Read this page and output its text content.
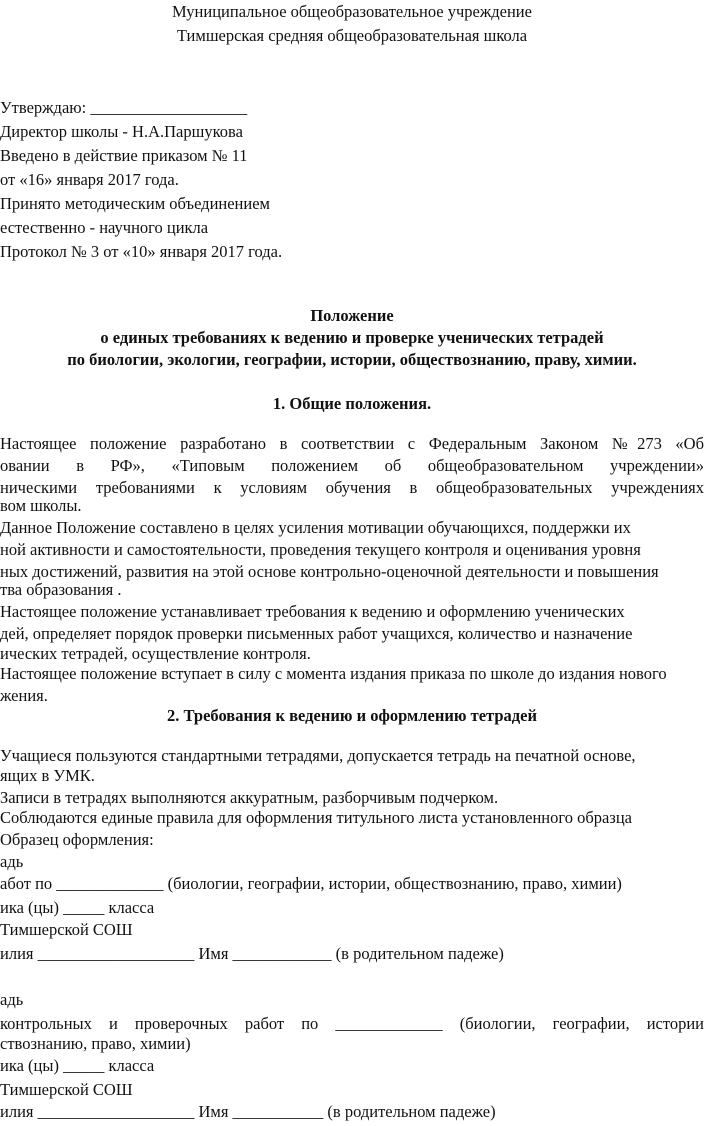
Муниципальное общеобразовательное учреждение
Тимшерская средняя общеобразовательная школа
Утверждаю: ___________________
Директор школы - Н.А.Паршукова
Введено в действие приказом № 11
от «16» января 2017 года.
Принято методическим объединением
естественно - научного цикла
Протокол № 3 от «10» января 2017 года.
Положение
о единых требованиях к ведению и проверке ученических тетрадей
по биологии, экологии, географии, истории, обществознанию, праву, химии.
1. Общие положения.
Настоящее положение разработано в соответствии с Федеральным Законом №273 «Об
овании в РФ», «Типовым положением об общеобразовательном учреждении»
ническими требованиями к условиям обучения в общеобразовательных учреждениях
вом школы.
Данное Положение составлено в целях усиления мотивации обучающихся, поддержки их
ной активности и самостоятельности, проведения текущего контроля и оценивания уровня
ных достижений, развития на этой основе контрольно-оценочной деятельности и повышения
тва образования .
Настоящее положение устанавливает требования к ведению и оформлению ученических
дей, определяет порядок проверки письменных работ учащихся, количество и назначение
ических тетрадей, осуществление контроля.
Настоящее положение вступает в силу с момента издания приказа по школе до издания нового
жения.
2. Требования к ведению и оформлению тетрадей
Учащиеся пользуются стандартными тетрадями, допускается тетрадь на печатной основе,
ящих в УМК.
Записи в тетрадях выполняются аккуратным, разборчивым подчерком.
Соблюдаются единые правила для оформления титульного листа установленного образца
Образец оформления:
адь
абот по _____________ (биологии, географии, истории, обществознанию, право, химии)
ика (цы) _____ класса
Тимшерской СОШ
илия ___________________ Имя ____________ (в родительном падеже)
адь
контрольных и проверочных работ по _____________ (биологии, географии, истории
ствознанию, право, химии)
ика (цы) _____ класса
Тимшерской СОШ
илия ___________________ Имя ___________ (в родительном падеже)
